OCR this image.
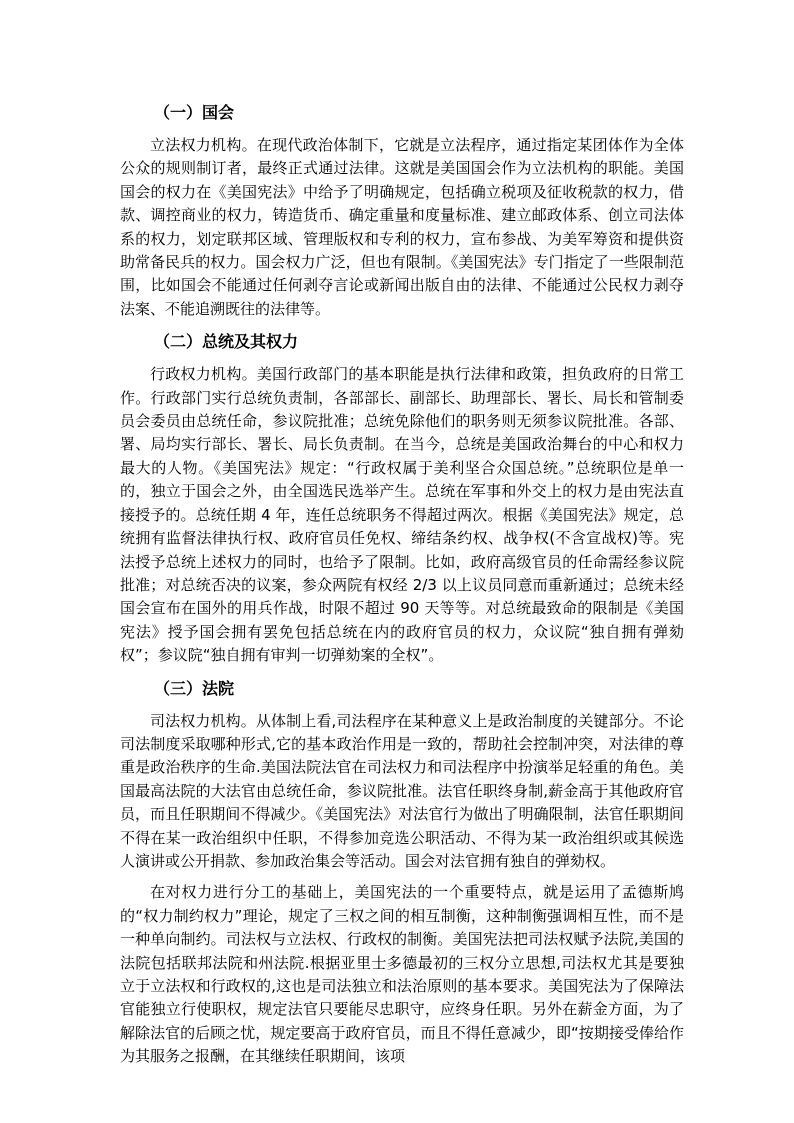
（一）国会

立法权力机构。在现代政治体制下，它就是立法程序，通过指定某团体作为全体公众的规则制订者，最终正式通过法律。这就是美国国会作为立法机构的职能。美国国会的权力在《美国宪法》中给予了明确规定，包括确立税项及征收税款的权力，借款、调控商业的权力，铸造货币、确定重量和度量标准、建立邮政体系、创立司法体系的权力，划定联邦区域、管理版权和专利的权力，宣布参战、为美军筹资和提供资助常备民兵的权力。国会权力广泛，但也有限制。《美国宪法》专门指定了一些限制范围，比如国会不能通过任何剥夺言论或新闻出版自由的法律、不能通过公民权力剥夺法案、不能追溯既往的法律等。

（二）总统及其权力

行政权力机构。美国行政部门的基本职能是执行法律和政策，担负政府的日常工作。行政部门实行总统负责制，各部部长、副部长、助理部长、署长、局长和管制委员会委员由总统任命，参议院批准；总统免除他们的职务则无须参议院批准。各部、署、局均实行部长、署长、局长负责制。在当今，总统是美国政治舞台的中心和权力最大的人物。《美国宪法》规定：“行政权属于美利坚合众国总统。”总统职位是单一的，独立于国会之外，由全国选民选举产生。总统在军事和外交上的权力是由宪法直接授予的。总统任期 4 年，连任总统职务不得超过两次。根据《美国宪法》规定，总统拥有监督法律执行权、政府官员任免权、缔结条约权、战争权(不含宣战权)等。宪法授予总统上述权力的同时，也给予了限制。比如，政府高级官员的任命需经参议院批准；对总统否决的议案，参众两院有权经 2/3 以上议员同意而重新通过；总统未经国会宣布在国外的用兵作战，时限不超过 90 天等等。对总统最致命的限制是《美国宪法》授予国会拥有罢免包括总统在内的政府官员的权力，众议院“独自拥有弹劾权”；参议院“独自拥有审判一切弹劾案的全权”。

（三）法院

司法权力机构。从体制上看,司法程序在某种意义上是政治制度的关键部分。不论司法制度采取哪种形式,它的基本政治作用是一致的，帮助社会控制冲突，对法律的尊重是政治秩序的生命.美国法院法官在司法权力和司法程序中扮演举足轻重的角色。美国最高法院的大法官由总统任命，参议院批准。法官任职终身制,薪金高于其他政府官员，而且任职期间不得减少。《美国宪法》对法官行为做出了明确限制，法官任职期间不得在某一政治组织中任职，不得参加竞选公职活动、不得为某一政治组织或其候选人演讲或公开捐款、参加政治集会等活动。国会对法官拥有独自的弹劾权。

在对权力进行分工的基础上，美国宪法的一个重要特点，就是运用了孟德斯鸠的“权力制约权力”理论，规定了三权之间的相互制衡，这种制衡强调相互性，而不是一种单向制约。司法权与立法权、行政权的制衡。美国宪法把司法权赋予法院,美国的法院包括联邦法院和州法院.根据亚里士多德最初的三权分立思想,司法权尤其是要独立于立法权和行政权的,这也是司法独立和法治原则的基本要求。美国宪法为了保障法官能独立行使职权，规定法官只要能尽忠职守，应终身任职。另外在薪金方面，为了解除法官的后顾之忧，规定要高于政府官员，而且不得任意减少，即“按期接受俸给作为其服务之报酬，在其继续任职期间，该项
